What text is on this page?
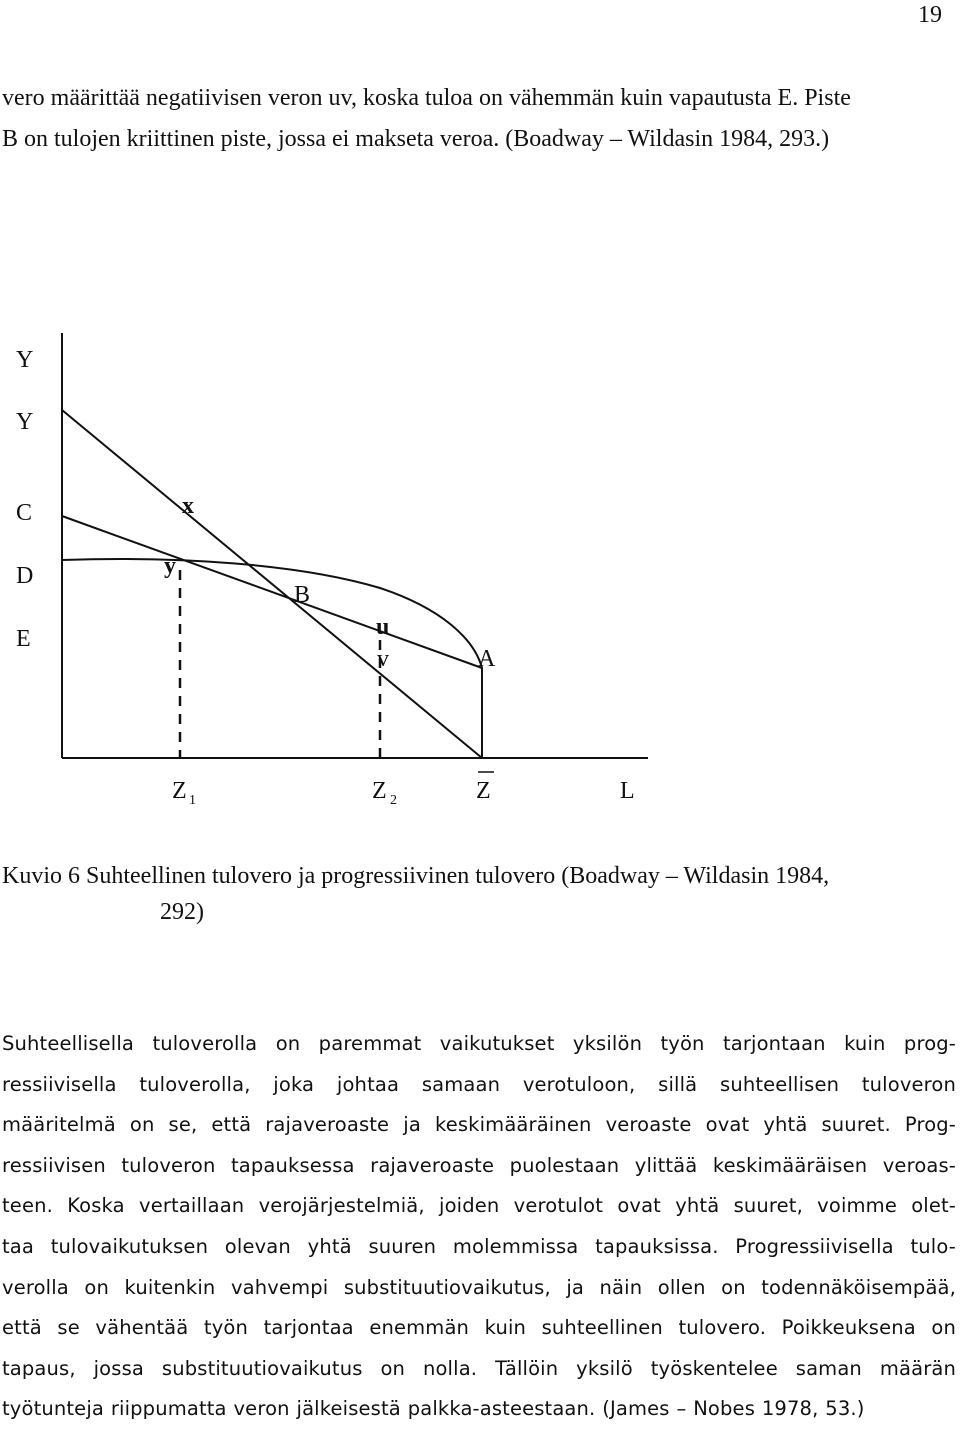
19

vero määrittää negatiivisen veron uv, koska tuloa on vähemmän kuin vapautusta E. Piste
B on tulojen kriittinen piste, jossa ei makseta veroa. (Boadway – Wildasin 1984, 293.)

Y
Y
C
D
E
x
y
B
u
v	A
Z 1	Z 2	Z	L

Kuvio 6 Suhteellinen tulovero ja progressiivinen tulovero (Boadway – Wildasin 1984,
292)

Suhteellisella tuloverolla on paremmat vaikutukset yksilön työn tarjontaan kuin prog-
ressiivisella tuloverolla, joka johtaa samaan verotuloon, sillä suhteellisen tuloveron
määritelmä on se, että rajaveroaste ja keskimääräinen veroaste ovat yhtä suuret. Prog-
ressiivisen tuloveron tapauksessa rajaveroaste puolestaan ylittää keskimääräisen veroas-
teen. Koska vertaillaan verojärjestelmiä, joiden verotulot ovat yhtä suuret, voimme olet-
taa tulovaikutuksen olevan yhtä suuren molemmissa tapauksissa. Progressiivisella tulo-
verolla on kuitenkin vahvempi substituutiovaikutus, ja näin ollen on todennäköisempää,
että se vähentää työn tarjontaa enemmän kuin suhteellinen tulovero. Poikkeuksena on
tapaus, jossa substituutiovaikutus on nolla. Tällöin yksilö työskentelee saman määrän
työtunteja riippumatta veron jälkeisestä palkka-asteestaan. (James – Nobes 1978, 53.)
